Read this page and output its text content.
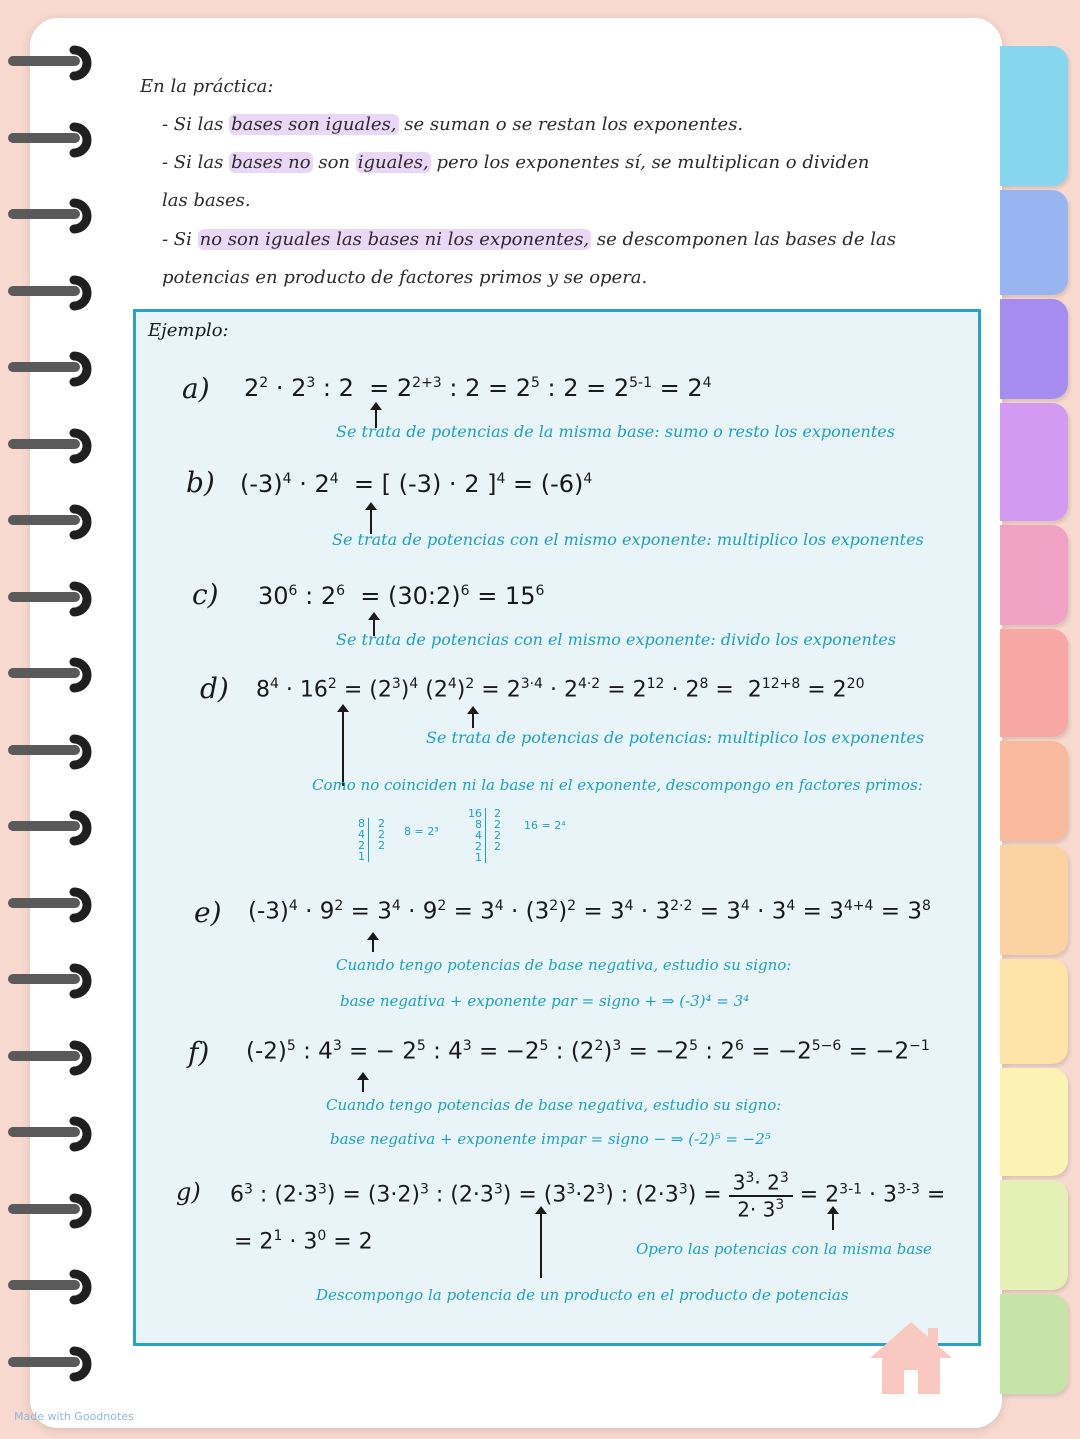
En la práctica:
- Si las bases son iguales, se suman o se restan los exponentes.
- Si las bases no son iguales, pero los exponentes sí, se multiplican o dividen
las bases.
- Si no son iguales las bases ni los exponentes, se descomponen las bases de las
potencias en producto de factores primos y se opera.
Ejemplo:
a) $2^2 \cdot 2^3$ : $2 = 2^{2+3}$ : $2 = 2^5$ : $2 = 2^{5-1} = 2^4$
Se trata de potencias de la misma base: sumo o resto los exponentes
b) $(-3)^4 \cdot 2^4$  = [ (-3) · 2 ]$^4 = (-6)^4$
Se trata de potencias con el mismo exponente: multiplico los exponentes
c) $30^6$ : $2^6$  = (30:2)$^6$ = $15^6$
Se trata de potencias con el mismo exponente: divido los exponentes
d) $8^4 \cdot 16^2 = (2^3)^4$ $(2^4)^2 = 2^{3\cdot 4} \cdot 2^{4\cdot 2} = 2^{12} \cdot 2^8 = 2^{12+8} = 2^{20}$
Se trata de potencias de potencias: multiplico los exponentes
Como no coinciden ni la base ni el exponente, descompongo en factores primos:
8
4
2
1
2
2
2
8 = 2³
16
8
4
2
1
2
2
2
2
16 = 2⁴
e) $(-3)^4 \cdot 9^2 = 3^4 \cdot 9^2 = 3^4 \cdot (3^2)^2 = 3^4 \cdot 3^{2\cdot 2} = 3^4 \cdot 3^4 = 3^{4+4} = 3^8$
Cuando tengo potencias de base negativa, estudio su signo:
base negativa + exponente par = signo + ⇒ (-3)⁴ = 3⁴
f) $(-2)^5$ : $4^3$ = − $2^5$ : $4^3 = -2^5$ : $(2^2)^3 = -2^5$ : $2^6 = -2^{5-6} = -2^{-1}$
Cuando tengo potencias de base negativa, estudio su signo:
base negativa + exponente impar = signo − ⇒ (-2)⁵ = −2⁵
g) $6^3$ : $(2\cdot 3^3) = (3\cdot 2)^3$ : $(2\cdot 3^3) = (3^3\cdot 2^3)$ : $(2\cdot 3^3) = \frac{3^3\cdot 2^3}{2\cdot 3^3} = 2^{3-1} \cdot 3^{3-3}$ =
= $2^1 \cdot 3^0 = 2$	Opero las potencias con la misma base
Descompongo la potencia de un producto en el producto de potencias
Made with Goodnotes
